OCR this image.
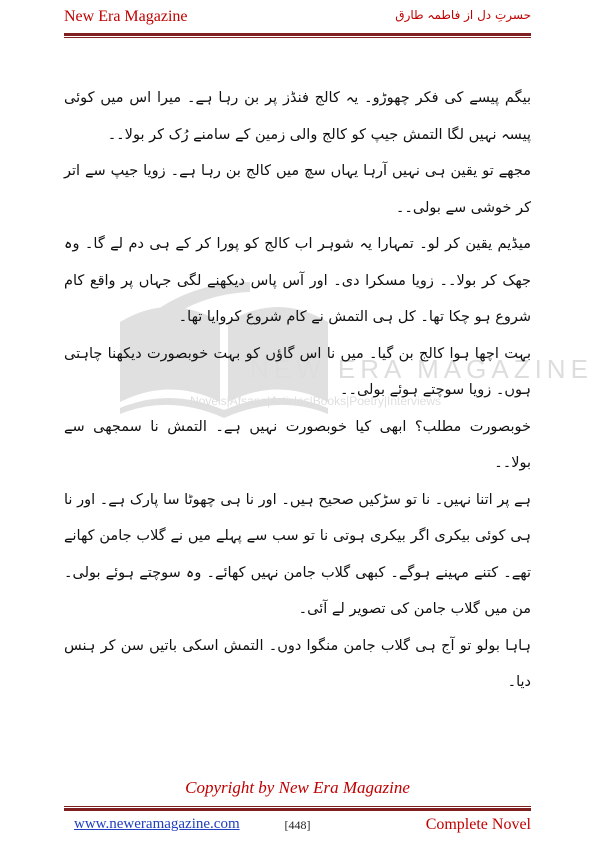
New Era Magazine	حسرتِ دل از فاطمہ طارق
NEW ERA MAGAZINE
Novels|Afsana|Articles|Books|Poetry|Interviews

بیگم پیسے کی فکر چھوڑو۔ یہ کالج فنڈز پر بن رہا ہے۔ میرا اس میں کوئی پیسہ نہیں لگا التمش جیپ کو کالج والی زمین کے سامنے رُک کر بولا۔۔

مجھے تو یقین ہی نہیں آرہا یہاں سچ میں کالج بن رہا ہے۔ زویا جیپ سے اتر کر خوشی سے بولی۔۔

میڈیم یقین کر لو۔ تمہارا یہ شوہر اب کالج کو پورا کر کے ہی دم لے گا۔ وہ جھک کر بولا۔۔ زویا مسکرا دی۔ اور آس پاس دیکھنے لگی جہاں پر واقع کام شروع ہو چکا تھا۔ کل ہی التمش نے کام شروع کروایا تھا۔

بہت اچھا ہوا کالج بن گیا۔ میں نا اس گاؤں کو بہت خوبصورت دیکھنا چاہتی ہوں۔ زویا سوچتے ہوئے بولی۔۔

خوبصورت مطلب؟ ابھی کیا خوبصورت نہیں ہے۔ التمش نا سمجھی سے بولا۔۔

ہے پر اتنا نہیں۔ نا تو سڑکیں صحیح ہیں۔ اور نا ہی چھوٹا سا پارک ہے۔ اور نا ہی کوئی بیکری اگر بیکری ہوتی نا تو سب سے پہلے میں نے گلاب جامن کھانے تھے۔ کتنے مہینے ہوگے۔ کبھی گلاب جامن نہیں کھائے۔ وہ سوچتے ہوئے بولی۔ من میں گلاب جامن کی تصویر لے آئی۔

ہاہا بولو تو آج ہی گلاب جامن منگوا دوں۔ التمش اسکی باتیں سن کر ہنس دیا۔

Copyright by New Era Magazine
www.neweramagazine.com	[448]	Complete Novel
